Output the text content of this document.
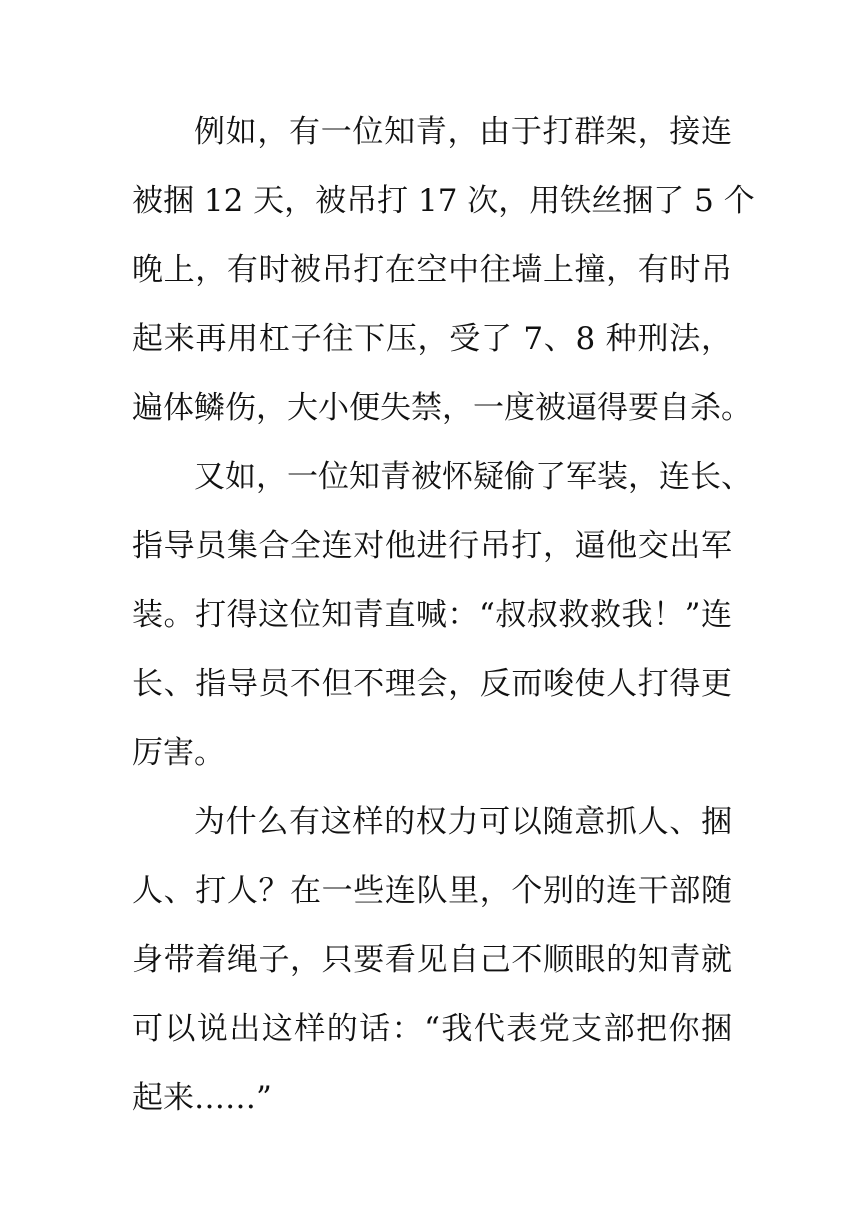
例如，有一位知青，由于打群架，接连
被捆 12 天，被吊打 17 次，用铁丝捆了 5 个
晚上，有时被吊打在空中往墙上撞，有时吊
起来再用杠子往下压，受了 7、8 种刑法，
遍体鳞伤，大小便失禁，一度被逼得要自杀。
又如，一位知青被怀疑偷了军装，连长、
指导员集合全连对他进行吊打，逼他交出军
装。打得这位知青直喊：“叔叔救救我！”连
长、指导员不但不理会，反而唆使人打得更
厉害。
为什么有这样的权力可以随意抓人、捆
人、打人？在一些连队里，个别的连干部随
身带着绳子，只要看见自己不顺眼的知青就
可以说出这样的话：“我代表党支部把你捆
起来……”
